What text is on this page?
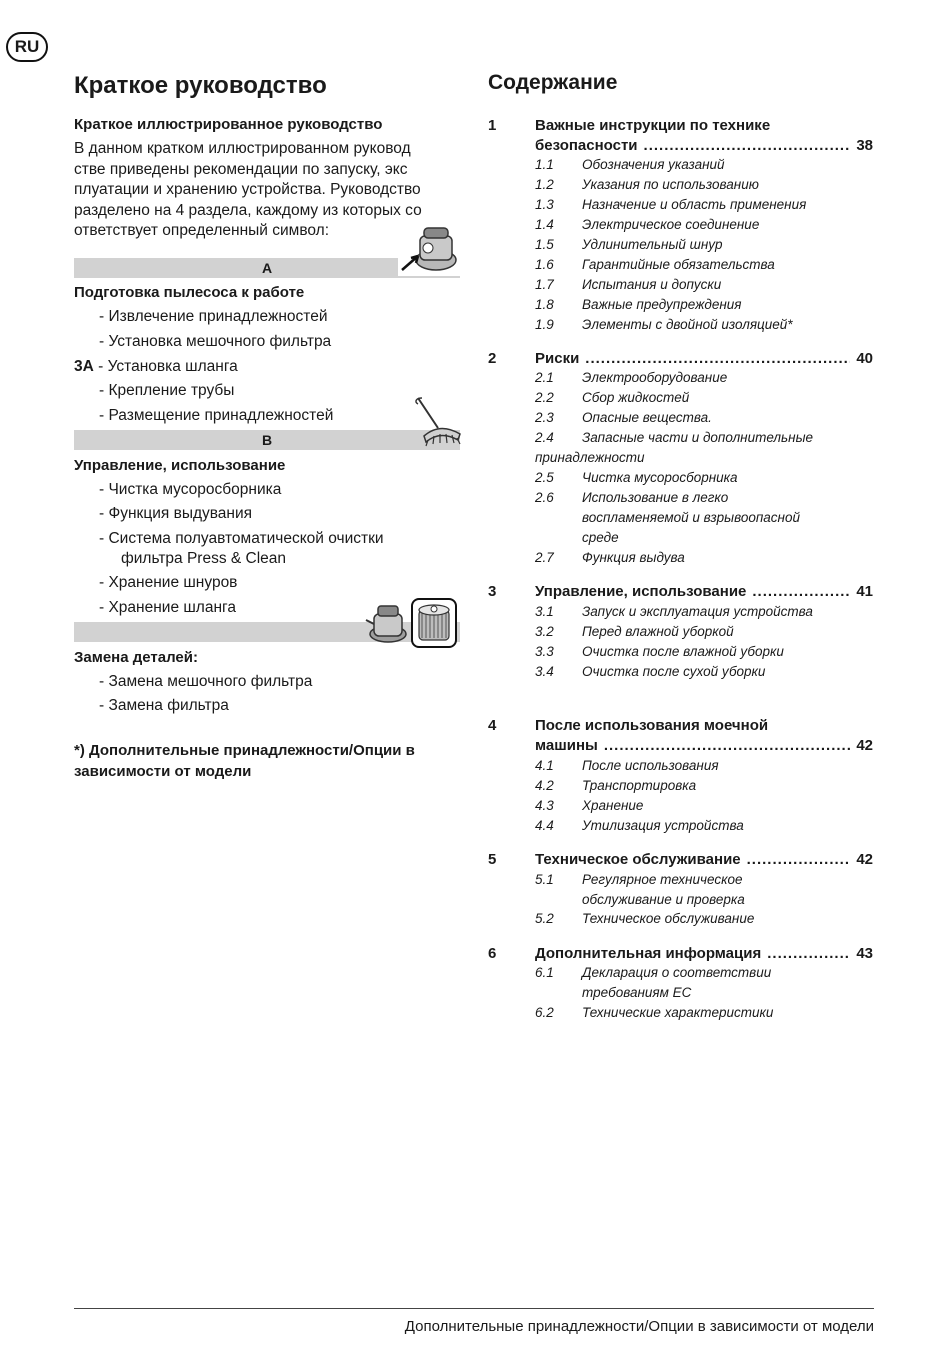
RU
Краткое руководство
Краткое иллюстрированное руководство
В данном кратком иллюстрированном руковод
стве приведены рекомендации по запуску, экс
плуатации и хранению устройства. Руководство
разделено на 4 раздела, каждому из которых со
ответствует определенный символ:
A
Подготовка пылесоса к работе
- Извлечение принадлежностей
- Установка мешочного фильтра
3A - Установка шланга
- Крепление трубы
- Размещение принадлежностей
B
Управление, использование
- Чистка мусоросборника
- Функция выдувания
- Система полуавтоматической очистки
фильтра Press & Clean
- Хранение шнуров
- Хранение шланга
Замена деталей:
- Замена мешочного фильтра
- Замена фильтра
*) Дополнительные принадлежности/Опции в зависимости от модели
Содержание
1	Важные инструкции по технике
безопасности .....	38
1.1 Обозначения указаний
1.2 Указания по использованию
1.3 Назначение и область применения
1.4 Электрическое соединение
1.5 Удлинительный шнур
1.6 Гарантийные обязательства
1.7 Испытания и допуски
1.8 Важные предупреждения
1.9 Элементы с двойной изоляцией*
2	Риски .....	40
2.1 Электрооборудование
2.2 Сбор жидкостей
2.3 Опасные вещества.
2.4 Запасные части и дополнительные
принадлежности
2.5 Чистка мусоросборника
2.6 Использование в легко
воспламеняемой и взрывоопасной
среде
2.7 Функция выдува
3	Управление, использование .....	41
3.1 Запуск и эксплуатация устройства
3.2 Перед влажной уборкой
3.3 Очистка после влажной уборки
3.4 Очистка после сухой уборки
4	После использования моечной
машины .....	42
4.1 После использования
4.2 Транспортировка
4.3 Хранение
4.4 Утилизация устройства
5	Техническое обслуживание .....	42
5.1 Регулярное техническое
обслуживание и проверка
5.2 Техническое обслуживание
6	Дополнительная информация .....	43
6.1 Декларация о соответствии
требованиям ЕС
6.2 Технические характеристики
Дополнительные принадлежности/Опции в зависимости от модели
